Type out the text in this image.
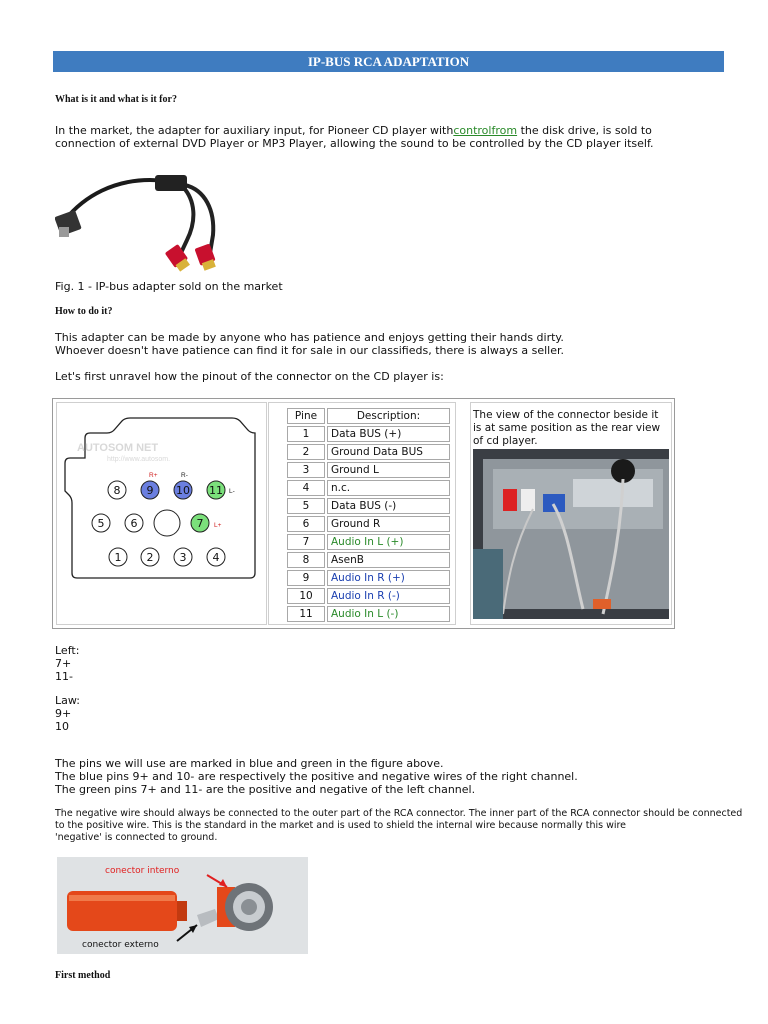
IP-BUS RCA ADAPTATION
What is it and what is it for?
In the market, the adapter for auxiliary input, for Pioneer CD player withcontrolfrom the disk drive, is sold to
connection of external DVD Player or MP3 Player, allowing the sound to be controlled by the CD player itself.
Fig. 1 - IP-bus adapter sold on the market
How to do it?
This adapter can be made by anyone who has patience and enjoys getting their hands dirty.
Whoever doesn't have patience can find it for sale in our classifieds, there is always a seller.
Let's first unravel how the pinout of the connector on the CD player is:
AUTOSOM NET
http://www.autosom.
R+	R-
L-
L+
8 9 10 11
5 6	7
1 2 3 4
Pine	Description:
1	Data BUS (+)
2	Ground Data BUS
3	Ground L
4	n.c.
5	Data BUS (-)
6	Ground R
7	Audio In L (+)
8	AsenB
9	Audio In R (+)
10	Audio In R (-)
11	Audio In L (-)
The view of the connector beside it is at same position as the rear view of cd player.
Left:
7+
11-
Law:
9+
10
The pins we will use are marked in blue and green in the figure above.
The blue pins 9+ and 10- are respectively the positive and negative wires of the right channel.
The green pins 7+ and 11- are the positive and negative of the left channel.
The negative wire should always be connected to the outer part of the RCA connector. The inner part of the RCA connector should be connected
to the positive wire. This is the standard in the market and is used to shield the internal wire because normally this wire
'negative' is connected to ground.
conector interno
conector externo
First method
